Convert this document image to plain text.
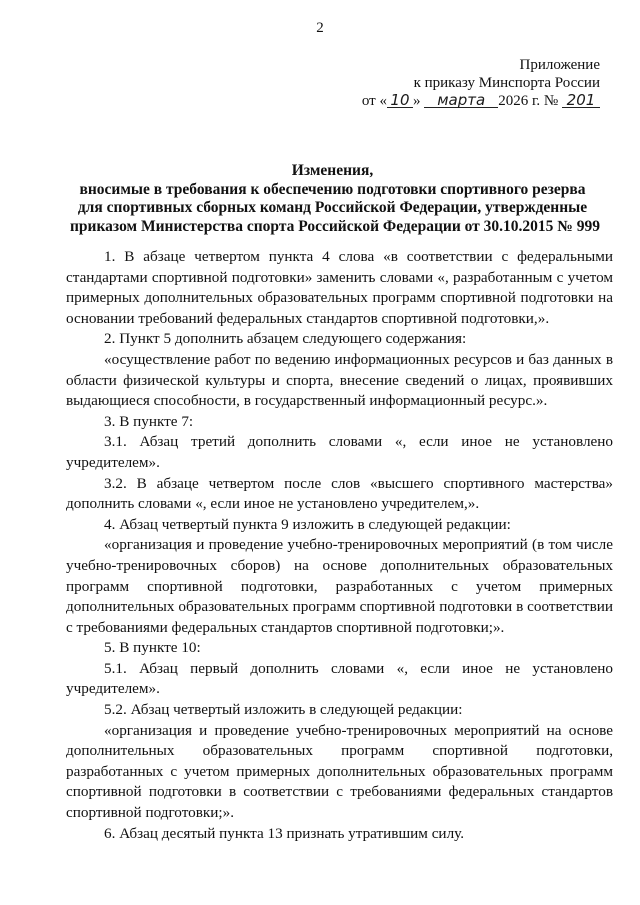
2
Приложение
к приказу Минспорта России
от « 10 » марта 2026 г. № 201
Изменения,
вносимые в требования к обеспечению подготовки спортивного резерва
для спортивных сборных команд Российской Федерации, утвержденные
приказом Министерства спорта Российской Федерации от 30.10.2015 № 999

1. В абзаце четвертом пункта 4 слова «в соответствии с федеральными стандартами спортивной подготовки» заменить словами «, разработанным с учетом примерных дополнительных образовательных программ спортивной подготовки на основании требований федеральных стандартов спортивной подготовки,».

2. Пункт 5 дополнить абзацем следующего содержания:

«осуществление работ по ведению информационных ресурсов и баз данных в области физической культуры и спорта, внесение сведений о лицах, проявивших выдающиеся способности, в государственный информационный ресурс.».

3. В пункте 7:

3.1. Абзац третий дополнить словами «, если иное не установлено учредителем».

3.2. В абзаце четвертом после слов «высшего спортивного мастерства» дополнить словами «, если иное не установлено учредителем,».

4. Абзац четвертый пункта 9 изложить в следующей редакции:

«организация и проведение учебно-тренировочных мероприятий (в том числе учебно-тренировочных сборов) на основе дополнительных образовательных программ спортивной подготовки, разработанных с учетом примерных дополнительных образовательных программ спортивной подготовки в соответствии с требованиями федеральных стандартов спортивной подготовки;».

5. В пункте 10:

5.1. Абзац первый дополнить словами «, если иное не установлено учредителем».

5.2. Абзац четвертый изложить в следующей редакции:

«организация и проведение учебно-тренировочных мероприятий на основе дополнительных образовательных программ спортивной подготовки, разработанных с учетом примерных дополнительных образовательных программ спортивной подготовки в соответствии с требованиями федеральных стандартов спортивной подготовки;».

6. Абзац десятый пункта 13 признать утратившим силу.
